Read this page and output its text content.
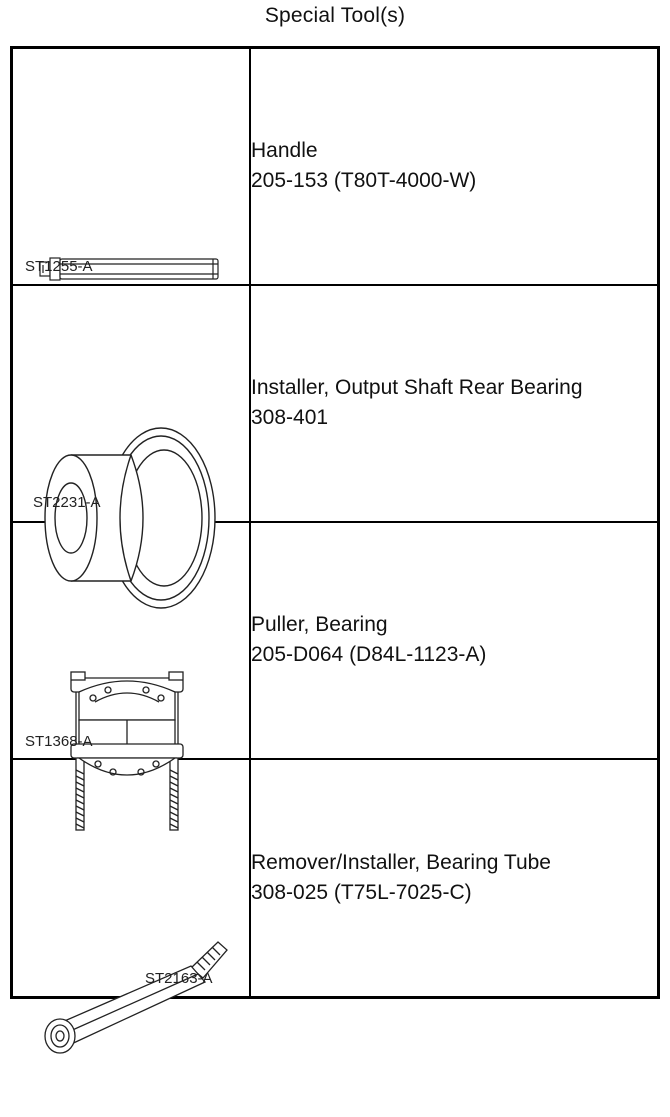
Special Tool(s)
ST1255-A	Handle
205-153 (T80T-4000-W)

ST2231-A	Installer, Output Shaft Rear Bearing
308-401

ST1368-A	Puller, Bearing
205-D064 (D84L-1123-A)

ST2163-A	Remover/Installer, Bearing Tube
308-025 (T75L-7025-C)
